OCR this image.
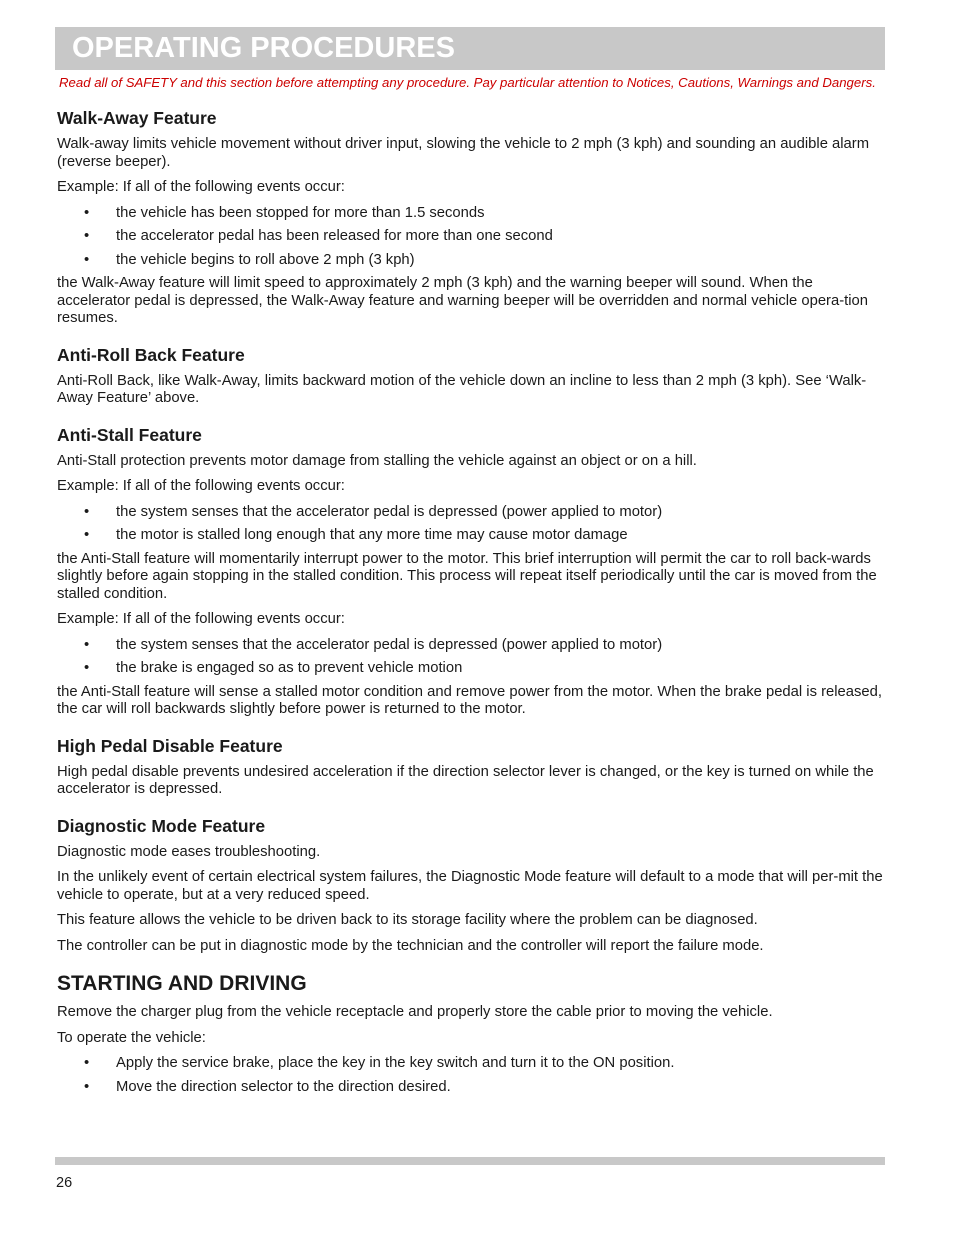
OPERATING PROCEDURES
Read all of SAFETY and this section before attempting any procedure. Pay particular attention to Notices, Cautions, Warnings and Dangers.
Walk-Away Feature

Walk-away limits vehicle movement without driver input, slowing the vehicle to 2 mph (3 kph) and sounding an audible alarm (reverse beeper).

Example: If all of the following events occur:

• the vehicle has been stopped for more than 1.5 seconds
• the accelerator pedal has been released for more than one second
• the vehicle begins to roll above 2 mph (3 kph)

the Walk-Away feature will limit speed to approximately 2 mph (3 kph) and the warning beeper will sound. When the accelerator pedal is depressed, the Walk-Away feature and warning beeper will be overridden and normal vehicle opera-tion resumes.

Anti-Roll Back Feature

Anti-Roll Back, like Walk-Away, limits backward motion of the vehicle down an incline to less than 2 mph (3 kph). See ‘Walk-Away Feature’ above.

Anti-Stall Feature

Anti-Stall protection prevents motor damage from stalling the vehicle against an object or on a hill.

Example: If all of the following events occur:

• the system senses that the accelerator pedal is depressed (power applied to motor)
• the motor is stalled long enough that any more time may cause motor damage

the Anti-Stall feature will momentarily interrupt power to the motor. This brief interruption will permit the car to roll back-wards slightly before again stopping in the stalled condition. This process will repeat itself periodically until the car is moved from the stalled condition.

Example: If all of the following events occur:

• the system senses that the accelerator pedal is depressed (power applied to motor)
• the brake is engaged so as to prevent vehicle motion

the Anti-Stall feature will sense a stalled motor condition and remove power from the motor. When the brake pedal is released, the car will roll backwards slightly before power is returned to the motor.

High Pedal Disable Feature

High pedal disable prevents undesired acceleration if the direction selector lever is changed, or the key is turned on while the accelerator is depressed.

Diagnostic Mode Feature

Diagnostic mode eases troubleshooting.

In the unlikely event of certain electrical system failures, the Diagnostic Mode feature will default to a mode that will per-mit the vehicle to operate, but at a very reduced speed.

This feature allows the vehicle to be driven back to its storage facility where the problem can be diagnosed.

The controller can be put in diagnostic mode by the technician and the controller will report the failure mode.

STARTING AND DRIVING

Remove the charger plug from the vehicle receptacle and properly store the cable prior to moving the vehicle.

To operate the vehicle:

• Apply the service brake, place the key in the key switch and turn it to the ON position.
• Move the direction selector to the direction desired.
26
